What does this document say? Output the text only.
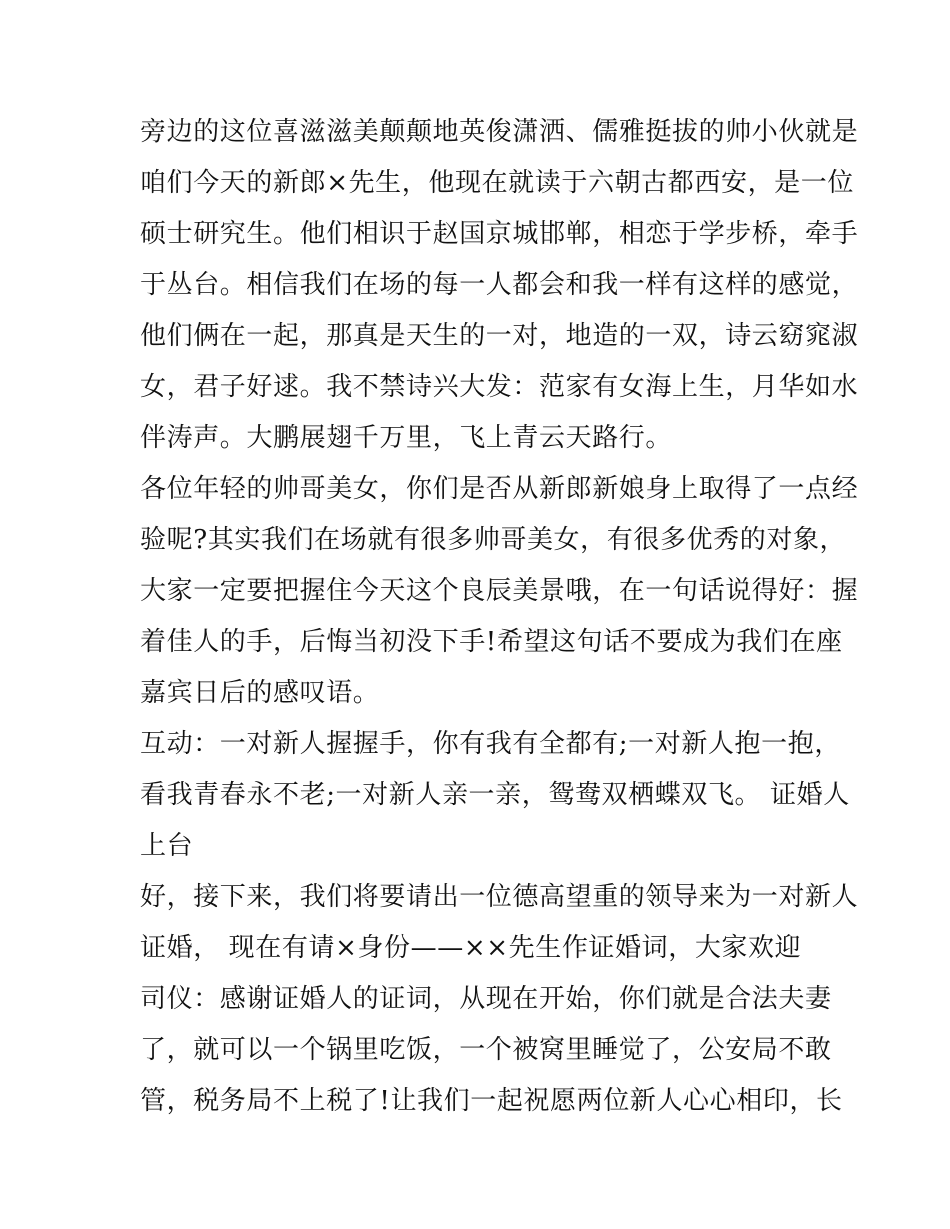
旁边的这位喜滋滋美颠颠地英俊潇洒、儒雅挺拔的帅小伙就是
咱们今天的新郎×先生，他现在就读于六朝古都西安，是一位
硕士研究生。他们相识于赵国京城邯郸，相恋于学步桥，牵手
于丛台。相信我们在场的每一人都会和我一样有这样的感觉，
他们俩在一起，那真是天生的一对，地造的一双，诗云窈窕淑
女，君子好逑。我不禁诗兴大发：范家有女海上生，月华如水
伴涛声。大鹏展翅千万里，飞上青云天路行。
各位年轻的帅哥美女，你们是否从新郎新娘身上取得了一点经
验呢?其实我们在场就有很多帅哥美女，有很多优秀的对象，
大家一定要把握住今天这个良辰美景哦，在一句话说得好：握
着佳人的手，后悔当初没下手!希望这句话不要成为我们在座
嘉宾日后的感叹语。
互动：一对新人握握手，你有我有全都有;一对新人抱一抱，
看我青春永不老;一对新人亲一亲，鸳鸯双栖蝶双飞。 证婚人
上台
好，接下来，我们将要请出一位德高望重的领导来为一对新人
证婚， 现在有请×身份——××先生作证婚词，大家欢迎
司仪：感谢证婚人的证词，从现在开始，你们就是合法夫妻
了，就可以一个锅里吃饭，一个被窝里睡觉了，公安局不敢
管，税务局不上税了!让我们一起祝愿两位新人心心相印，长
